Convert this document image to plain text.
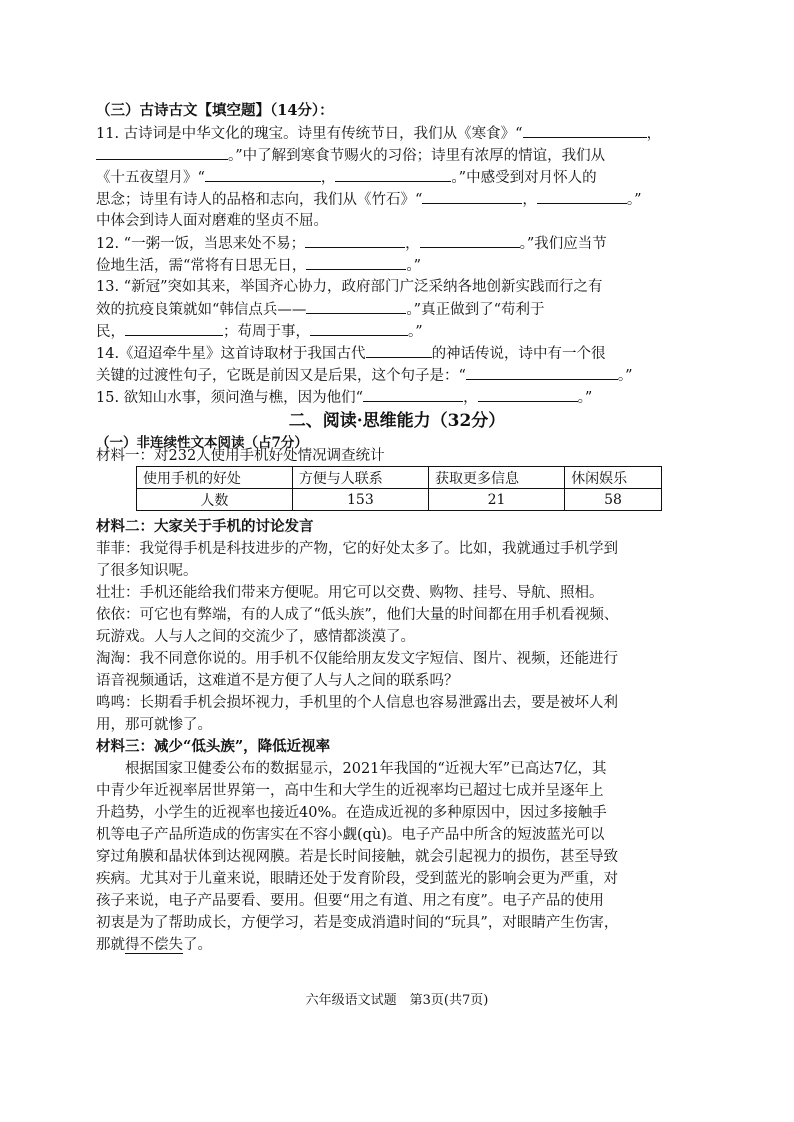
（三）古诗古文【填空题】（14分）：
11. 古诗词是中华文化的瑰宝。诗里有传统节日，我们从《寒食》“	，
。”中了解到寒食节赐火的习俗；诗里有浓厚的情谊，我们从
《十五夜望月》“	，	。”中感受到对月怀人的
思念；诗里有诗人的品格和志向，我们从《竹石》“	，	。”
中体会到诗人面对磨难的坚贞不屈。
12. “一粥一饭，当思来处不易；	，	。”我们应当节
俭地生活，需“常将有日思无日，	。”
13. “新冠”突如其来，举国齐心协力，政府部门广泛采纳各地创新实践而行之有
效的抗疫良策就如“韩信点兵——	。”真正做到了“苟利于
民，	；苟周于事，	。”
14.《迢迢牵牛星》这首诗取材于我国古代	的神话传说，诗中有一个很
关键的过渡性句子，它既是前因又是后果，这个句子是：“	。”
15. 欲知山水事，须问渔与樵，因为他们“	，	。”
二、阅读·思维能力（32分）
（一）非连续性文本阅读（占7分）
材料一：对232人使用手机好处情况调查统计
使用手机的好处	方便与人联系	获取更多信息	休闲娱乐
人数	153	21	58
材料二：大家关于手机的讨论发言
菲菲：我觉得手机是科技进步的产物，它的好处太多了。比如，我就通过手机学到
了很多知识呢。
壮壮：手机还能给我们带来方便呢。用它可以交费、购物、挂号、导航、照相。
依依：可它也有弊端，有的人成了“低头族”，他们大量的时间都在用手机看视频、
玩游戏。人与人之间的交流少了，感情都淡漠了。
淘淘：我不同意你说的。用手机不仅能给朋友发文字短信、图片、视频，还能进行
语音视频通话，这难道不是方便了人与人之间的联系吗？
鸣鸣：长期看手机会损坏视力，手机里的个人信息也容易泄露出去，要是被坏人利
用，那可就惨了。
材料三：减少“低头族”，降低近视率
　　根据国家卫健委公布的数据显示，2021年我国的“近视大军”已高达7亿，其
中青少年近视率居世界第一，高中生和大学生的近视率均已超过七成并呈逐年上
升趋势，小学生的近视率也接近40%。在造成近视的多种原因中，因过多接触手
机等电子产品所造成的伤害实在不容小觑(qù)。电子产品中所含的短波蓝光可以
穿过角膜和晶状体到达视网膜。若是长时间接触，就会引起视力的损伤，甚至导致
疾病。尤其对于儿童来说，眼睛还处于发育阶段，受到蓝光的影响会更为严重，对
孩子来说，电子产品要看、要用。但要“用之有道、用之有度”。电子产品的使用
初衷是为了帮助成长，方便学习，若是变成消遣时间的“玩具”，对眼睛产生伤害，
那就得不偿失了。
六年级语文试题　第3页(共7页)
